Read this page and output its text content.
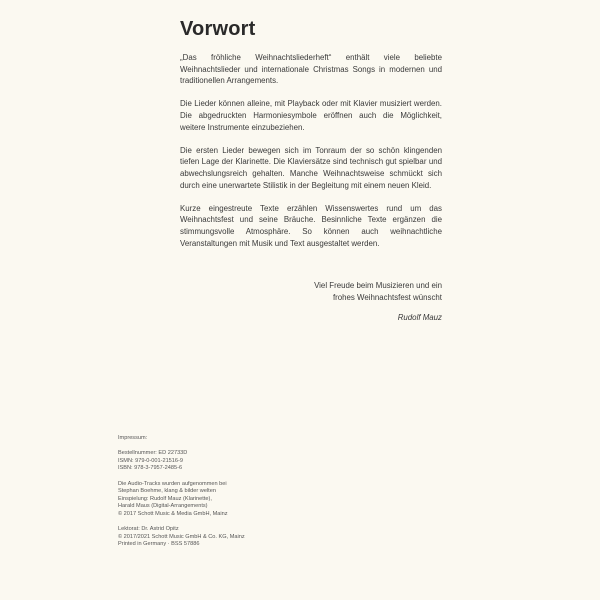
Vorwort

„Das fröhliche Weihnachtsliederheft“ enthält viele beliebte Weihnachtslieder und internationale Christmas Songs in modernen und traditionellen Arrangements.

Die Lieder können alleine, mit Playback oder mit Klavier musiziert werden. Die abgedruckten Harmoniesymbole eröffnen auch die Möglichkeit, weitere Instrumente einzubeziehen.

Die ersten Lieder bewegen sich im Tonraum der so schön klingenden tiefen Lage der Klarinette. Die Klaviersätze sind technisch gut spielbar und abwechslungsreich gehalten. Manche Weihnachtsweise schmückt sich durch eine unerwartete Stilistik in der Begleitung mit einem neuen Kleid.

Kurze eingestreute Texte erzählen Wissenswertes rund um das Weihnachtsfest und seine Bräuche. Besinnliche Texte ergänzen die stimmungsvolle Atmosphäre. So können auch weihnachtliche Veranstaltungen mit Musik und Text ausgestaltet werden.

Viel Freude beim Musizieren und ein
frohes Weihnachtsfest wünscht
Rudolf Mauz
Impressum:
Bestellnummer: ED 22733D
ISMN: 979-0-001-21516-9
ISBN: 978-3-7957-2485-6
Die Audio-Tracks wurden aufgenommen bei
Stephan Boehme, klang & bilder welten
Einspielung: Rudolf Mauz (Klarinette),
Harald Maus (Digital-Arrangements)
© 2017 Schott Music & Media GmbH, Mainz
Lektorat: Dr. Astrid Opitz
© 2017/2021 Schott Music GmbH & Co. KG, Mainz
Printed in Germany · BSS 57886
